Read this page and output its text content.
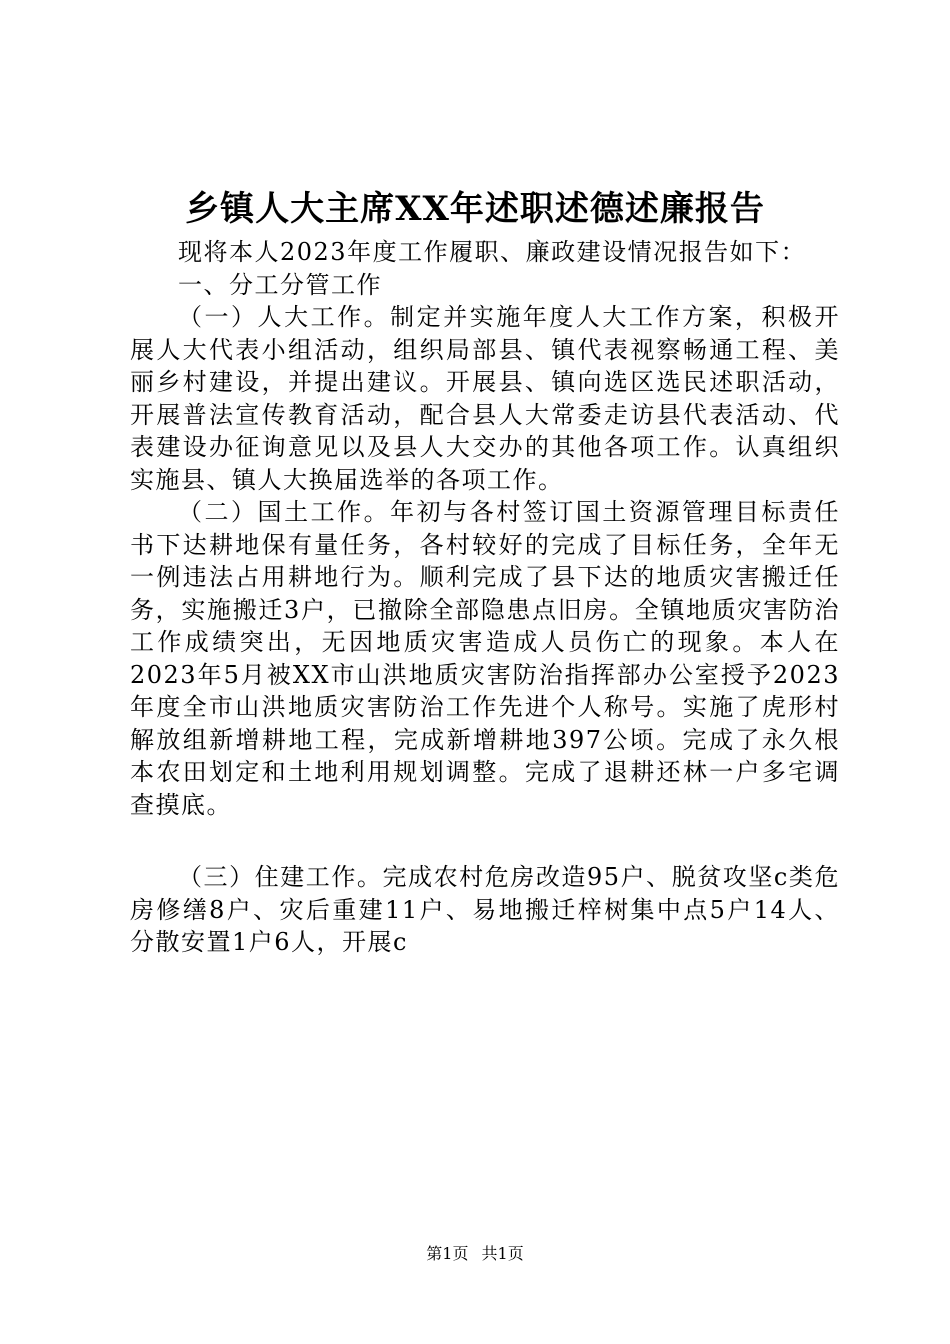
乡镇人大主席XX年述职述德述廉报告

现将本人2023年度工作履职、廉政建设情况报告如下：

一、分工分管工作

（一）人大工作。制定并实施年度人大工作方案，积极开展人大代表小组活动，组织局部县、镇代表视察畅通工程、美丽乡村建设，并提出建议。开展县、镇向选区选民述职活动，开展普法宣传教育活动，配合县人大常委走访县代表活动、代表建设办征询意见以及县人大交办的其他各项工作。认真组织实施县、镇人大换届选举的各项工作。

（二）国土工作。年初与各村签订国土资源管理目标责任书下达耕地保有量任务，各村较好的完成了目标任务，全年无一例违法占用耕地行为。顺利完成了县下达的地质灾害搬迁任务，实施搬迁3户，已撤除全部隐患点旧房。全镇地质灾害防治工作成绩突出，无因地质灾害造成人员伤亡的现象。本人在2023年5月被XX市山洪地质灾害防治指挥部办公室授予2023年度全市山洪地质灾害防治工作先进个人称号。实施了虎形村解放组新增耕地工程，完成新增耕地397公顷。完成了永久根本农田划定和土地利用规划调整。完成了退耕还林一户多宅调查摸底。

（三）住建工作。完成农村危房改造95户、脱贫攻坚c类危房修缮8户、灾后重建11户、易地搬迁梓树集中点5户14人、分散安置1户6人，开展c

第1页 共1页
